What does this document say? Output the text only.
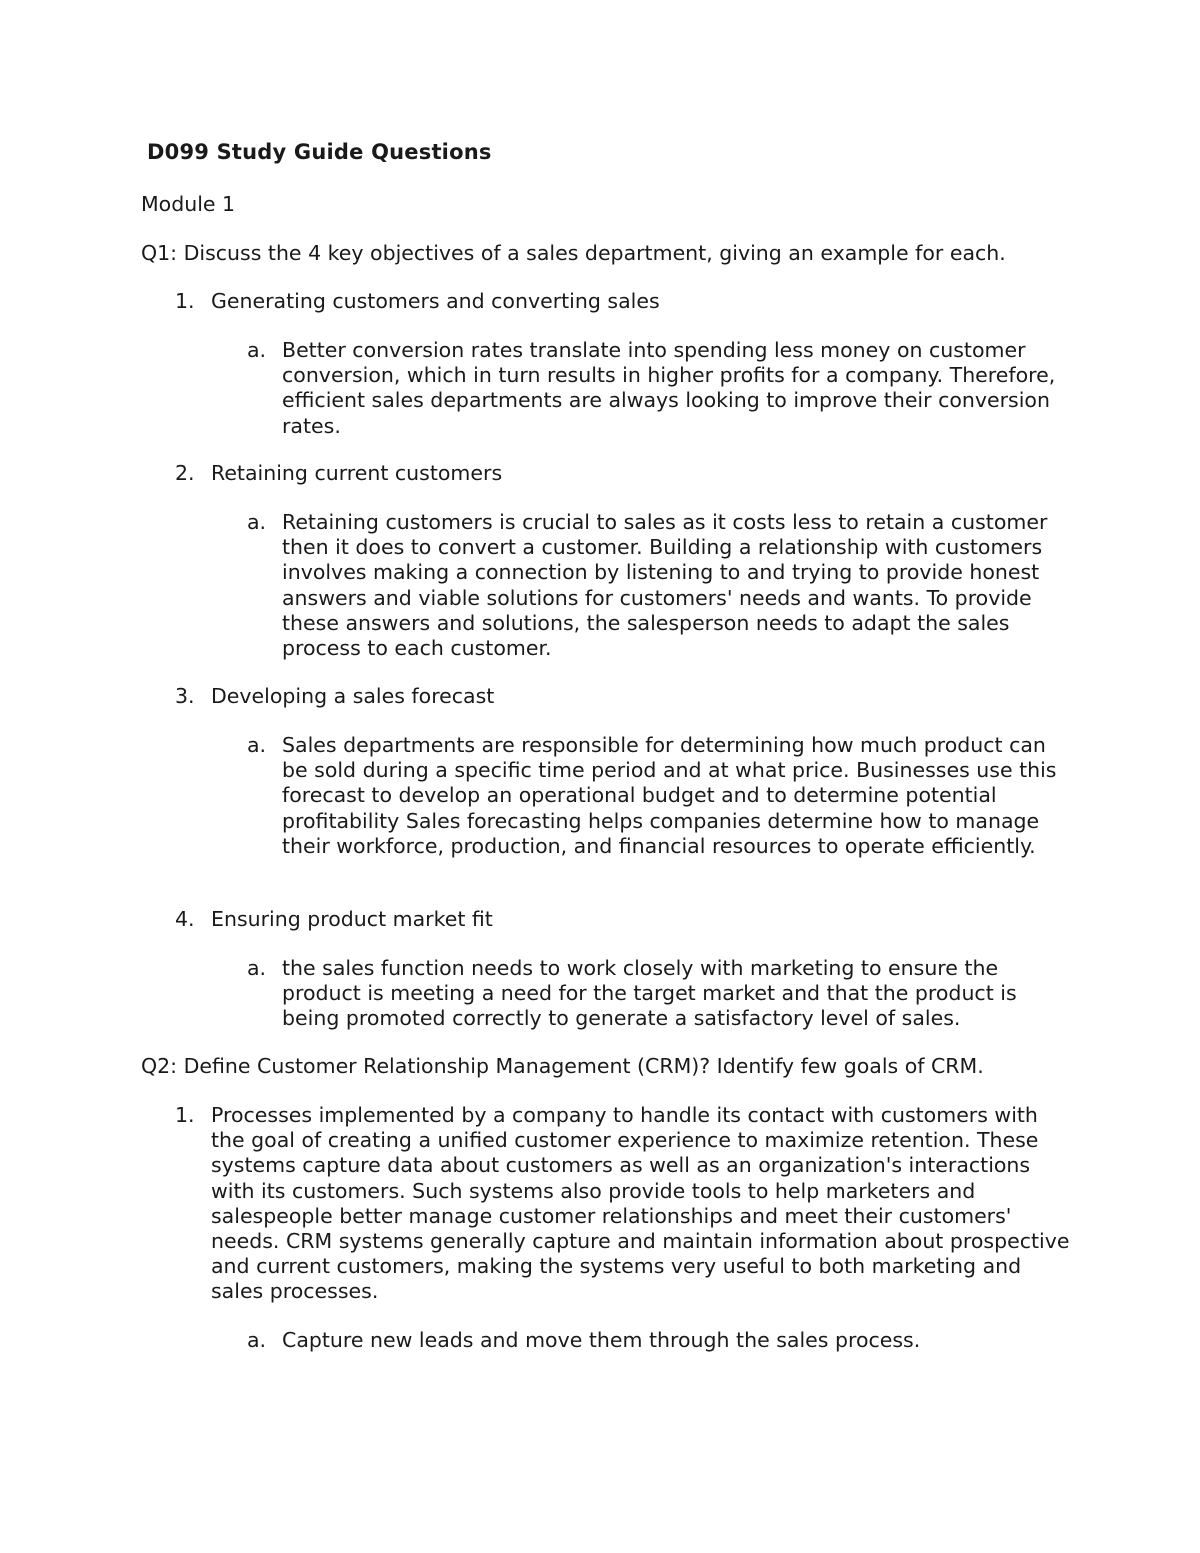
D099 Study Guide Questions
Module 1
Q1: Discuss the 4 key objectives of a sales department, giving an example for each.
1. Generating customers and converting sales
a. Better conversion rates translate into spending less money on customer conversion, which in turn results in higher profits for a company. Therefore, efficient sales departments are always looking to improve their conversion rates.
2. Retaining current customers
a. Retaining customers is crucial to sales as it costs less to retain a customer then it does to convert a customer. Building a relationship with customers involves making a connection by listening to and trying to provide honest answers and viable solutions for customers' needs and wants. To provide these answers and solutions, the salesperson needs to adapt the sales process to each customer.
3. Developing a sales forecast
a. Sales departments are responsible for determining how much product can be sold during a specific time period and at what price. Businesses use this forecast to develop an operational budget and to determine potential profitability Sales forecasting helps companies determine how to manage their workforce, production, and financial resources to operate efficiently.
4. Ensuring product market fit
a. the sales function needs to work closely with marketing to ensure the product is meeting a need for the target market and that the product is being promoted correctly to generate a satisfactory level of sales.
Q2: Define Customer Relationship Management (CRM)? Identify few goals of CRM.
1. Processes implemented by a company to handle its contact with customers with the goal of creating a unified customer experience to maximize retention. These systems capture data about customers as well as an organization's interactions with its customers. Such systems also provide tools to help marketers and salespeople better manage customer relationships and meet their customers' needs. CRM systems generally capture and maintain information about prospective and current customers, making the systems very useful to both marketing and sales processes.
a. Capture new leads and move them through the sales process.
